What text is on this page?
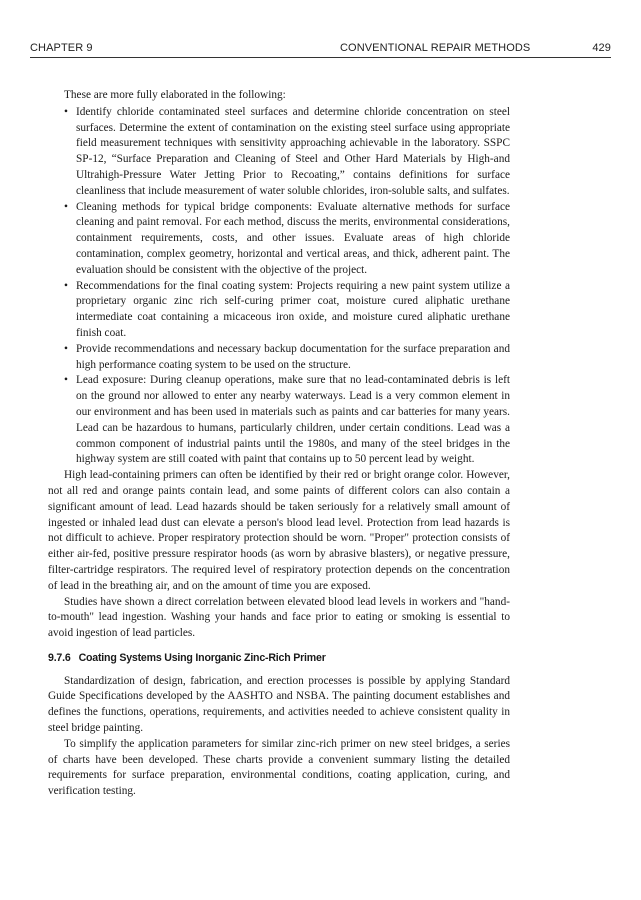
CHAPTER 9	CONVENTIONAL REPAIR METHODS	429

These are more fully elaborated in the following:

• Identify chloride contaminated steel surfaces and determine chloride concentration on steel surfaces. Determine the extent of contamination on the existing steel surface using appropriate field measurement techniques with sensitivity approaching achievable in the laboratory. SSPC SP-12, “Surface Preparation and Cleaning of Steel and Other Hard Materials by High-and Ultrahigh-Pressure Water Jetting Prior to Recoating,” contains definitions for surface cleanliness that include measurement of water soluble chlorides, iron-soluble salts, and sulfates.
• Cleaning methods for typical bridge components: Evaluate alternative methods for surface cleaning and paint removal. For each method, discuss the merits, environmental considerations, containment requirements, costs, and other issues. Evaluate areas of high chloride contamination, complex geometry, horizontal and vertical areas, and thick, adherent paint. The evaluation should be consistent with the objective of the project.
• Recommendations for the final coating system: Projects requiring a new paint system utilize a proprietary organic zinc rich self-curing primer coat, moisture cured aliphatic urethane intermediate coat containing a micaceous iron oxide, and moisture cured aliphatic urethane finish coat.
• Provide recommendations and necessary backup documentation for the surface preparation and high performance coating system to be used on the structure.
• Lead exposure: During cleanup operations, make sure that no lead-contaminated debris is left on the ground nor allowed to enter any nearby waterways. Lead is a very common element in our environment and has been used in materials such as paints and car batteries for many years. Lead can be hazardous to humans, particularly children, under certain conditions. Lead was a common component of industrial paints until the 1980s, and many of the steel bridges in the highway system are still coated with paint that contains up to 50 percent lead by weight.

High lead-containing primers can often be identified by their red or bright orange color. However, not all red and orange paints contain lead, and some paints of different colors can also contain a significant amount of lead. Lead hazards should be taken seriously for a relatively small amount of ingested or inhaled lead dust can elevate a person's blood lead level. Protection from lead hazards is not difficult to achieve. Proper respiratory protection should be worn. "Proper" protection consists of either air-fed, positive pressure respirator hoods (as worn by abrasive blasters), or negative pressure, filter-cartridge respirators. The required level of respiratory protection depends on the concentration of lead in the breathing air, and on the amount of time you are exposed.

Studies have shown a direct correlation between elevated blood lead levels in workers and "hand-to-mouth" lead ingestion. Washing your hands and face prior to eating or smoking is essential to avoid ingestion of lead particles.

9.7.6 Coating Systems Using Inorganic Zinc-Rich Primer

Standardization of design, fabrication, and erection processes is possible by applying Standard Guide Specifications developed by the AASHTO and NSBA. The painting document establishes and defines the functions, operations, requirements, and activities needed to achieve consistent quality in steel bridge painting.

To simplify the application parameters for similar zinc-rich primer on new steel bridges, a series of charts have been developed. These charts provide a convenient summary listing the detailed requirements for surface preparation, environmental conditions, coating application, curing, and verification testing.
